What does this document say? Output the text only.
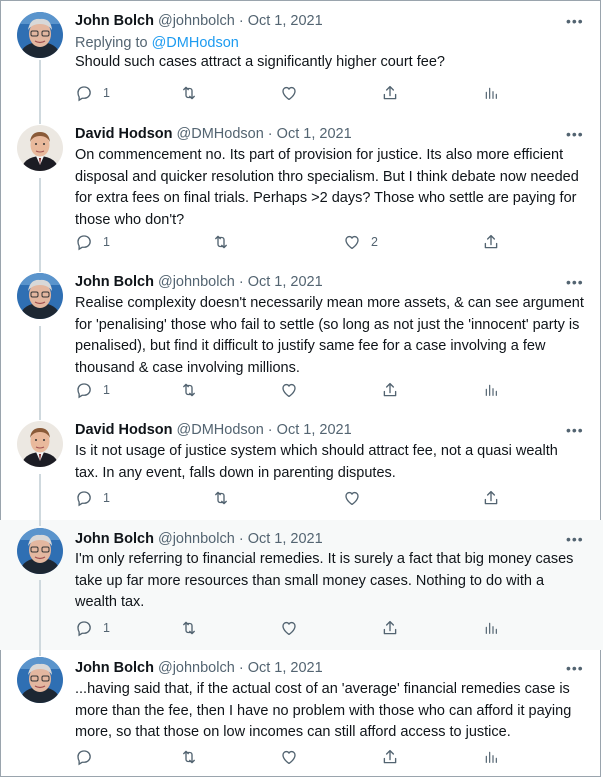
John Bolch @johnbolch · Oct 1, 2021	•••
Replying to @DMHodson
Should such cases attract a significantly higher court fee?
1
David Hodson @DMHodson · Oct 1, 2021	•••
On commencement no. Its part of provision for justice. Its also more efficient disposal and quicker resolution thro specialism. But I think debate now needed for extra fees on final trials. Perhaps >2 days? Those who settle are paying for those who don't?
1	2
John Bolch @johnbolch · Oct 1, 2021	•••
Realise complexity doesn't necessarily mean more assets, & can see argument for 'penalising' those who fail to settle (so long as not just the 'innocent' party is penalised), but find it difficult to justify same fee for a case involving a few thousand & case involving millions.
1
David Hodson @DMHodson · Oct 1, 2021	•••
Is it not usage of justice system which should attract fee, not a quasi wealth tax. In any event, falls down in parenting disputes.
1
John Bolch @johnbolch · Oct 1, 2021	•••
I'm only referring to financial remedies. It is surely a fact that big money cases take up far more resources than small money cases. Nothing to do with a wealth tax.
1
John Bolch @johnbolch · Oct 1, 2021	•••
...having said that, if the actual cost of an 'average' financial remedies case is more than the fee, then I have no problem with those who can afford it paying more, so that those on low incomes can still afford access to justice.
